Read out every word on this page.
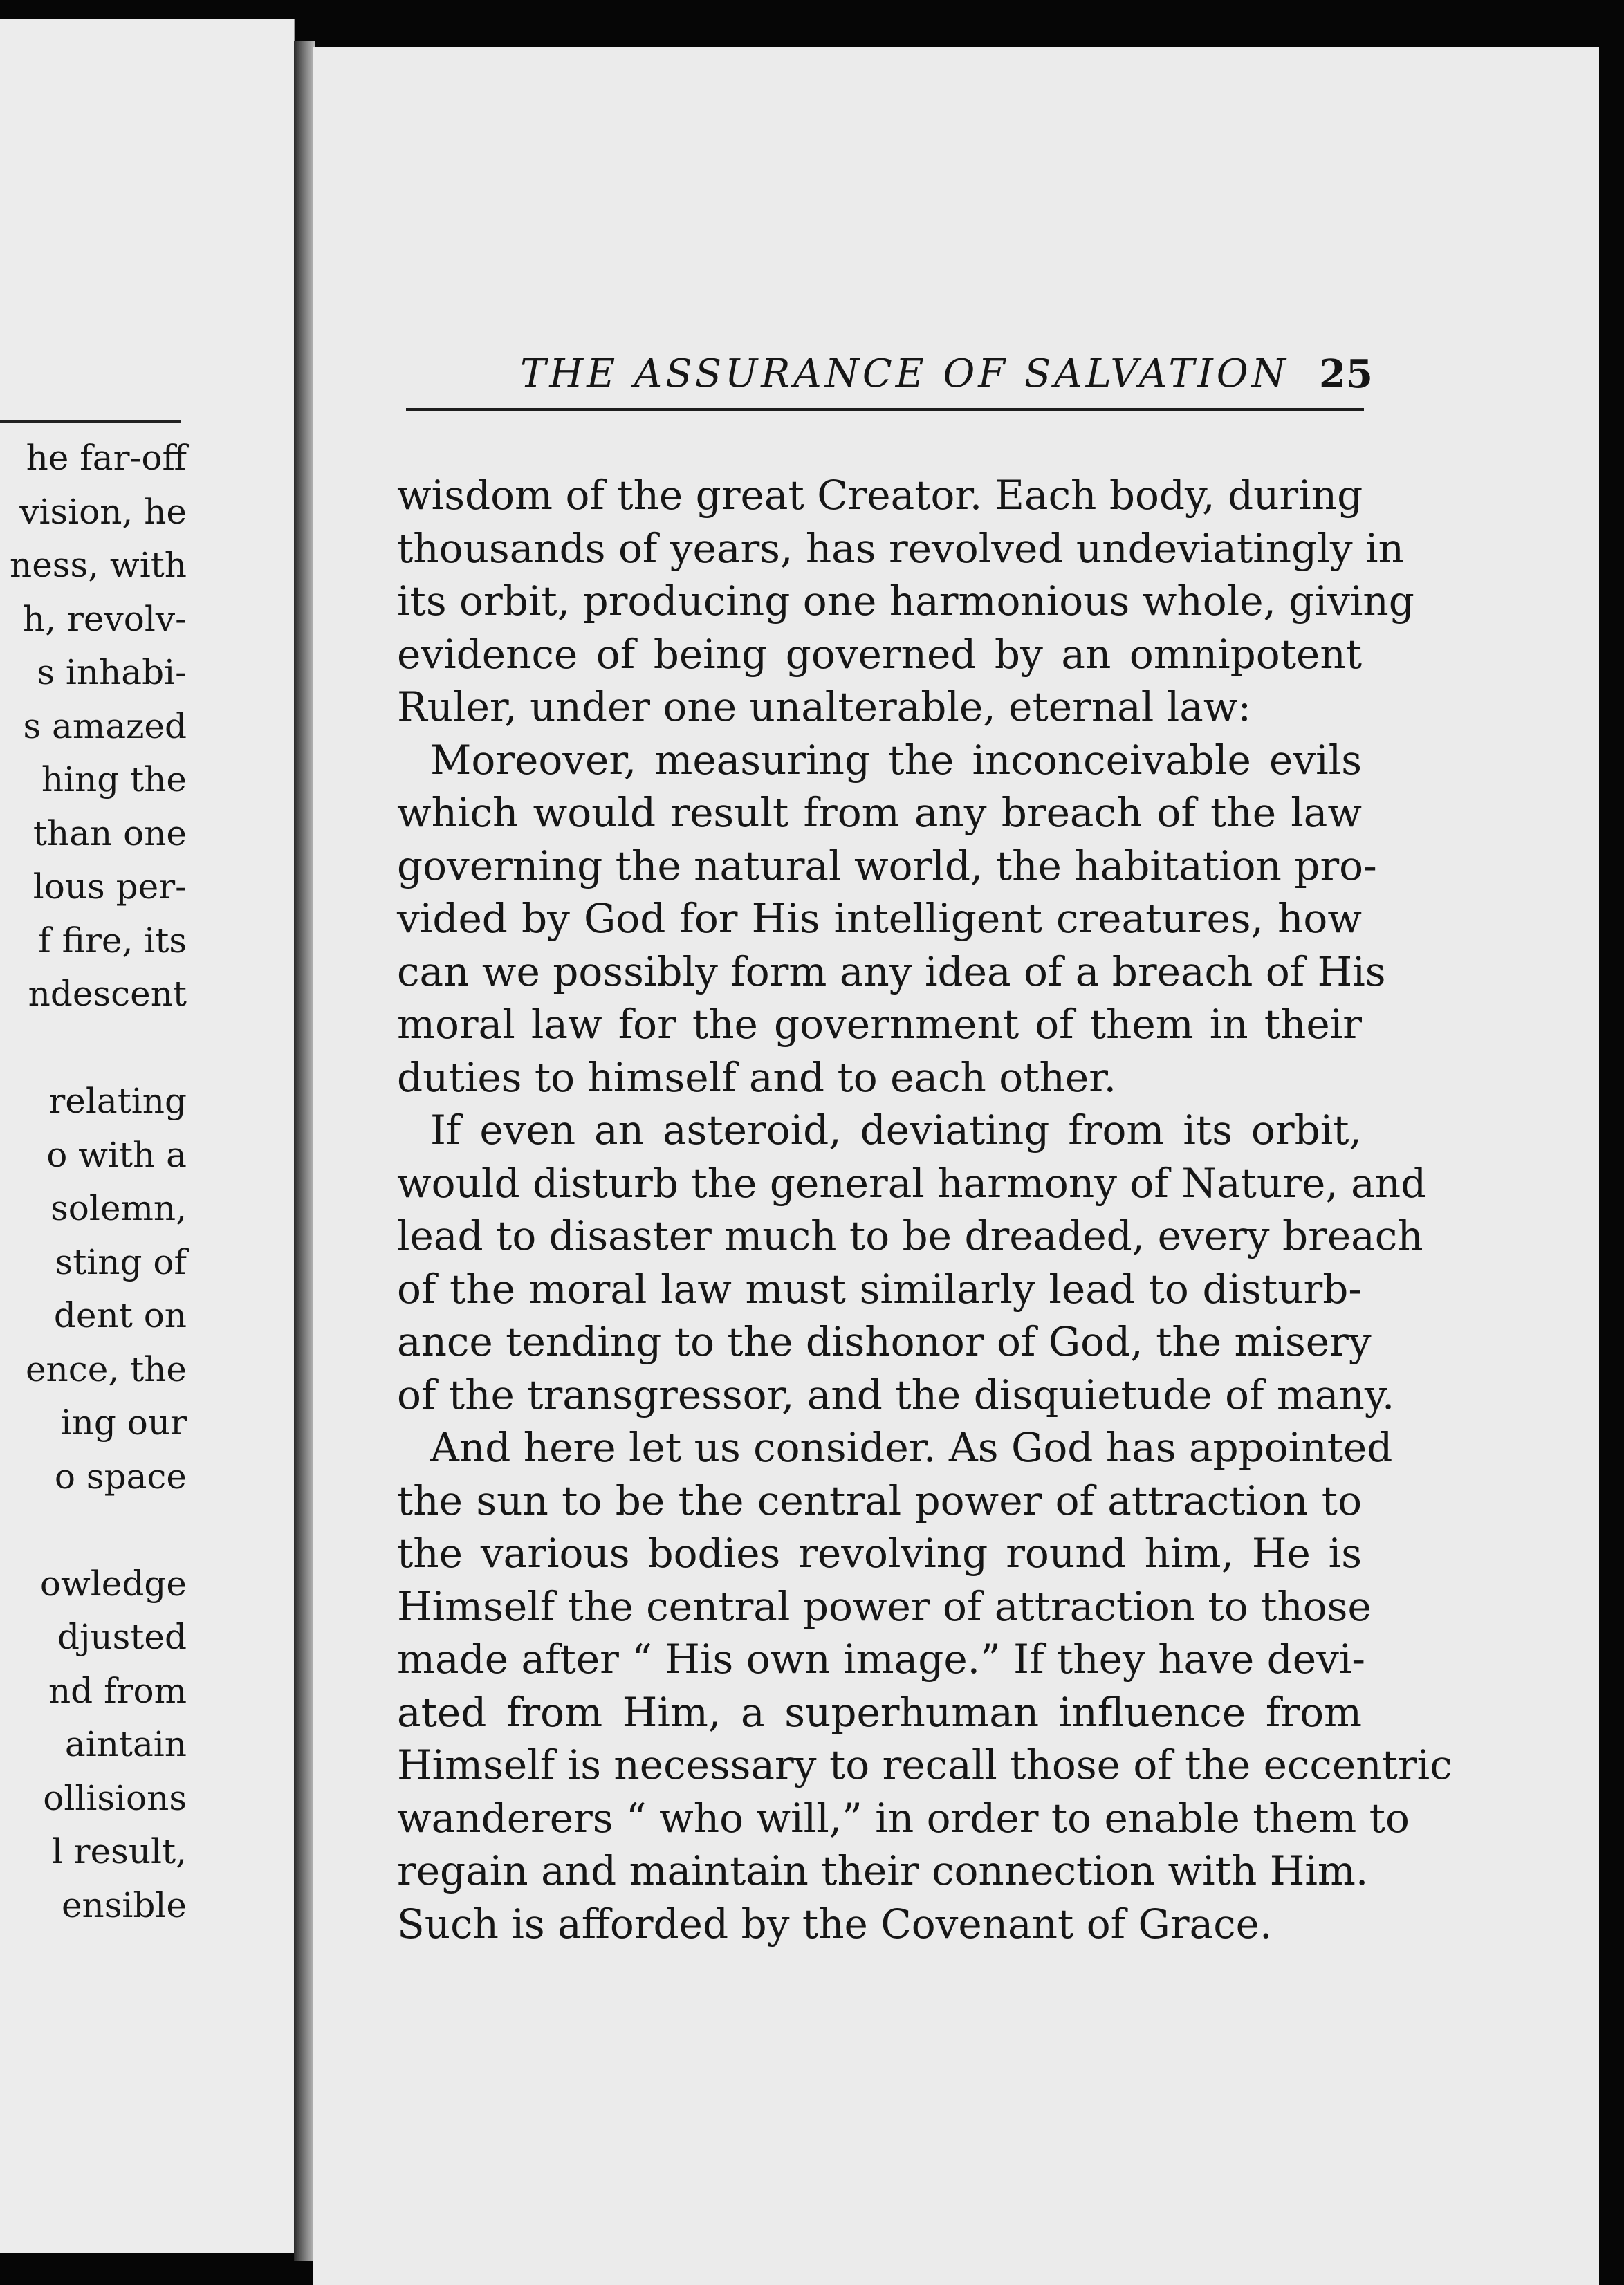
he far-off
vision, he
ness, with
h, revolv-
s inhabi-
s amazed
hing the
than one
lous per-
f fire, its
ndescent
relating
o with a
solemn,
sting of
dent on
ence, the
ing our
o space
owledge
djusted
nd from
aintain
ollisions
l result,
ensible
THE ASSURANCE OF SALVATION 25
wisdom of the great Creator. Each body, during
thousands of years, has revolved undeviatingly in
its orbit, producing one harmonious whole, giving
evidence of being governed by an omnipotent
Ruler, under one unalterable, eternal law:
Moreover, measuring the inconceivable evils
which would result from any breach of the law
governing the natural world, the habitation pro-
vided by God for His intelligent creatures, how
can we possibly form any idea of a breach of His
moral law for the government of them in their
duties to himself and to each other.
If even an asteroid, deviating from its orbit,
would disturb the general harmony of Nature, and
lead to disaster much to be dreaded, every breach
of the moral law must similarly lead to disturb-
ance tending to the dishonor of God, the misery
of the transgressor, and the disquietude of many.
And here let us consider. As God has appointed
the sun to be the central power of attraction to
the various bodies revolving round him, He is
Himself the central power of attraction to those
made after “ His own image.” If they have devi-
ated from Him, a superhuman influence from
Himself is necessary to recall those of the eccentric
wanderers “ who will,” in order to enable them to
regain and maintain their connection with Him.
Such is afforded by the Covenant of Grace.
